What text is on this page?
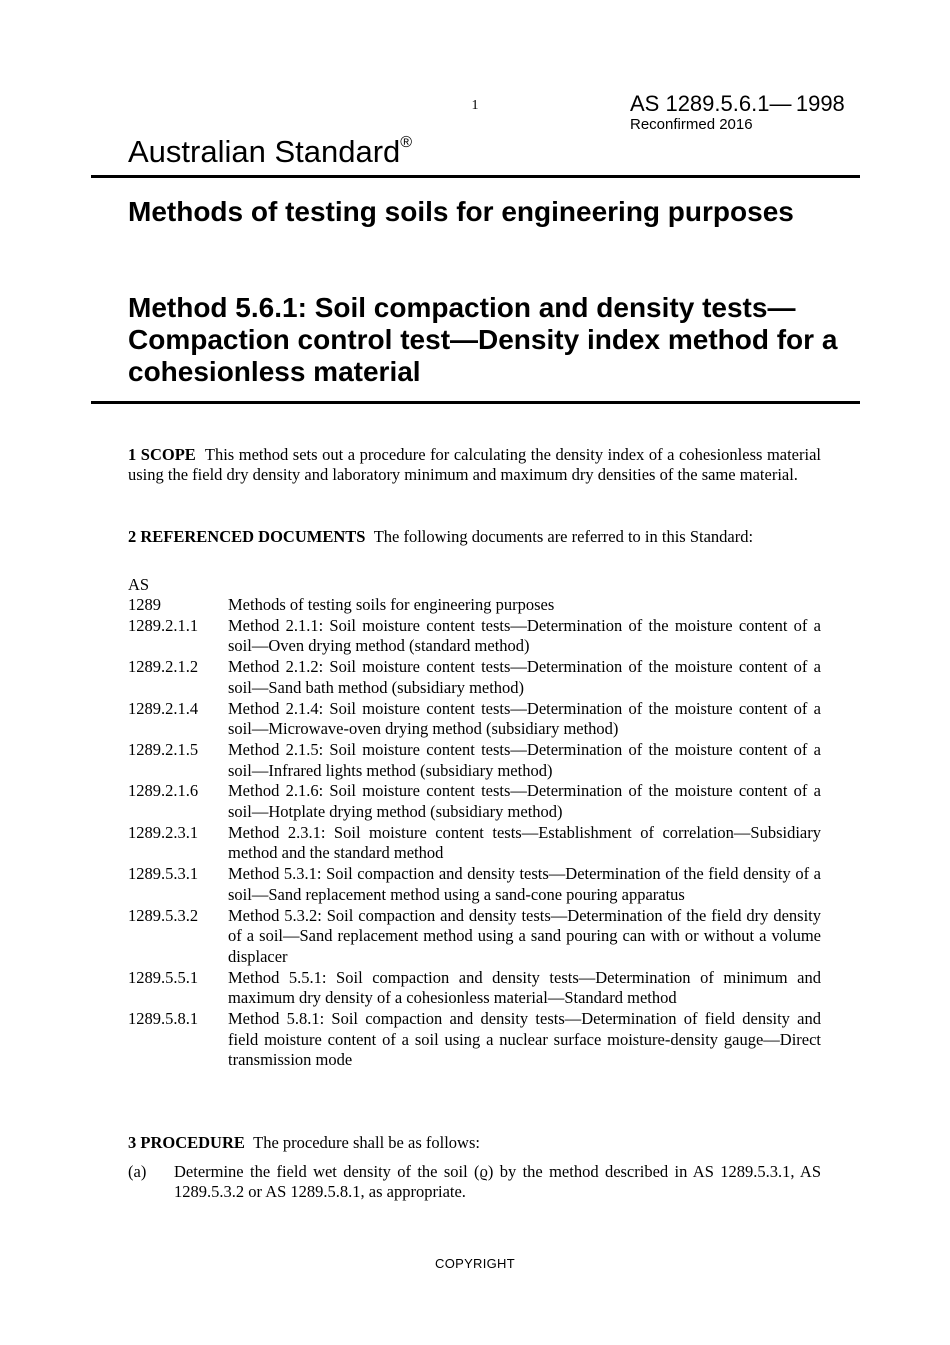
1	AS 1289.5.6.1— 1998
Reconfirmed 2016
Australian Standard®
Methods of testing soils for engineering purposes
Method 5.6.1: Soil compaction and density tests—Compaction control test—Density index method for a cohesionless material
1 SCOPE This method sets out a procedure for calculating the density index of a cohesionless material using the field dry density and laboratory minimum and maximum dry densities of the same material.
2 REFERENCED DOCUMENTS The following documents are referred to in this Standard:
AS
1289	Methods of testing soils for engineering purposes
1289.2.1.1	Method 2.1.1: Soil moisture content tests—Determination of the moisture content of a soil—Oven drying method (standard method)
1289.2.1.2	Method 2.1.2: Soil moisture content tests—Determination of the moisture content of a soil—Sand bath method (subsidiary method)
1289.2.1.4	Method 2.1.4: Soil moisture content tests—Determination of the moisture content of a soil—Microwave-oven drying method (subsidiary method)
1289.2.1.5	Method 2.1.5: Soil moisture content tests—Determination of the moisture content of a soil—Infrared lights method (subsidiary method)
1289.2.1.6	Method 2.1.6: Soil moisture content tests—Determination of the moisture content of a soil—Hotplate drying method (subsidiary method)
1289.2.3.1	Method 2.3.1: Soil moisture content tests—Establishment of correlation—Subsidiary method and the standard method
1289.5.3.1	Method 5.3.1: Soil compaction and density tests—Determination of the field density of a soil—Sand replacement method using a sand-cone pouring apparatus
1289.5.3.2	Method 5.3.2: Soil compaction and density tests—Determination of the field dry density of a soil—Sand replacement method using a sand pouring can with or without a volume displacer
1289.5.5.1	Method 5.5.1: Soil compaction and density tests—Determination of minimum and maximum dry density of a cohesionless material—Standard method
1289.5.8.1	Method 5.8.1: Soil compaction and density tests—Determination of field density and field moisture content of a soil using a nuclear surface moisture-density gauge—Direct transmission mode
3 PROCEDURE The procedure shall be as follows:
(a)	Determine the field wet density of the soil (ϱ) by the method described in AS 1289.5.3.1, AS 1289.5.3.2 or AS 1289.5.8.1, as appropriate.
COPYRIGHT
